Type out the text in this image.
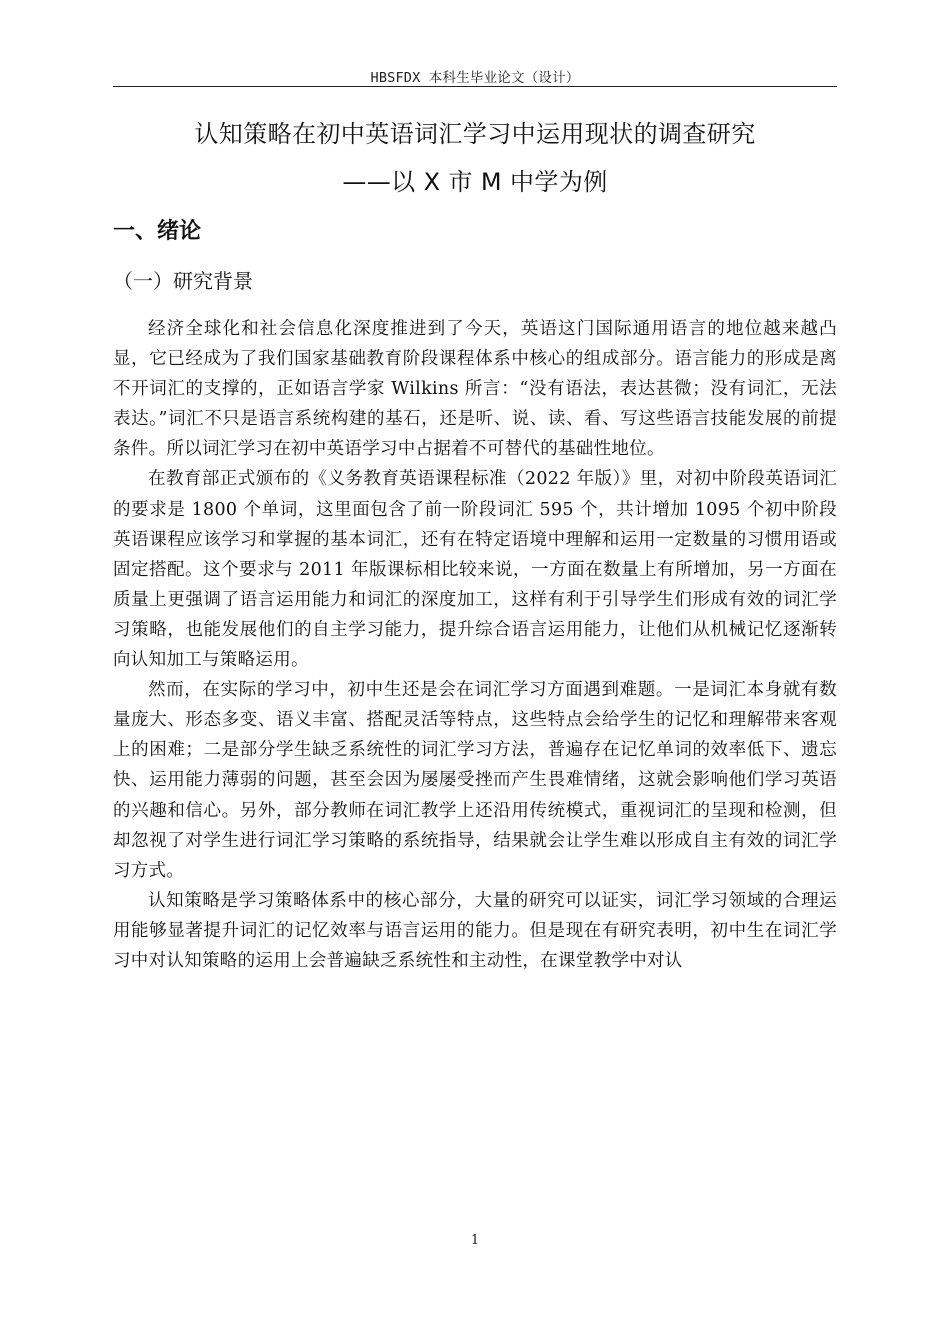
HBSFDX 本科生毕业论文（设计）
认知策略在初中英语词汇学习中运用现状的调查研究
——以 X 市 M 中学为例
一、绪论
（一）研究背景

经济全球化和社会信息化深度推进到了今天，英语这门国际通用语言的地位越来越凸显，它已经成为了我们国家基础教育阶段课程体系中核心的组成部分。语言能力的形成是离不开词汇的支撑的，正如语言学家 Wilkins 所言：“没有语法，表达甚微；没有词汇，无法表达。”词汇不只是语言系统构建的基石，还是听、说、读、看、写这些语言技能发展的前提条件。所以词汇学习在初中英语学习中占据着不可替代的基础性地位。

在教育部正式颁布的《义务教育英语课程标准（2022 年版）》里，对初中阶段英语词汇的要求是 1800 个单词，这里面包含了前一阶段词汇 595 个，共计增加 1095 个初中阶段英语课程应该学习和掌握的基本词汇，还有在特定语境中理解和运用一定数量的习惯用语或固定搭配。这个要求与 2011 年版课标相比较来说，一方面在数量上有所增加，另一方面在质量上更强调了语言运用能力和词汇的深度加工，这样有利于引导学生们形成有效的词汇学习策略，也能发展他们的自主学习能力，提升综合语言运用能力，让他们从机械记忆逐渐转向认知加工与策略运用。

然而，在实际的学习中，初中生还是会在词汇学习方面遇到难题。一是词汇本身就有数量庞大、形态多变、语义丰富、搭配灵活等特点，这些特点会给学生的记忆和理解带来客观上的困难；二是部分学生缺乏系统性的词汇学习方法，普遍存在记忆单词的效率低下、遗忘快、运用能力薄弱的问题，甚至会因为屡屡受挫而产生畏难情绪，这就会影响他们学习英语的兴趣和信心。另外，部分教师在词汇教学上还沿用传统模式，重视词汇的呈现和检测，但却忽视了对学生进行词汇学习策略的系统指导，结果就会让学生难以形成自主有效的词汇学习方式。

认知策略是学习策略体系中的核心部分，大量的研究可以证实，词汇学习领域的合理运用能够显著提升词汇的记忆效率与语言运用的能力。但是现在有研究表明，初中生在词汇学习中对认知策略的运用上会普遍缺乏系统性和主动性，在课堂教学中对认

1
